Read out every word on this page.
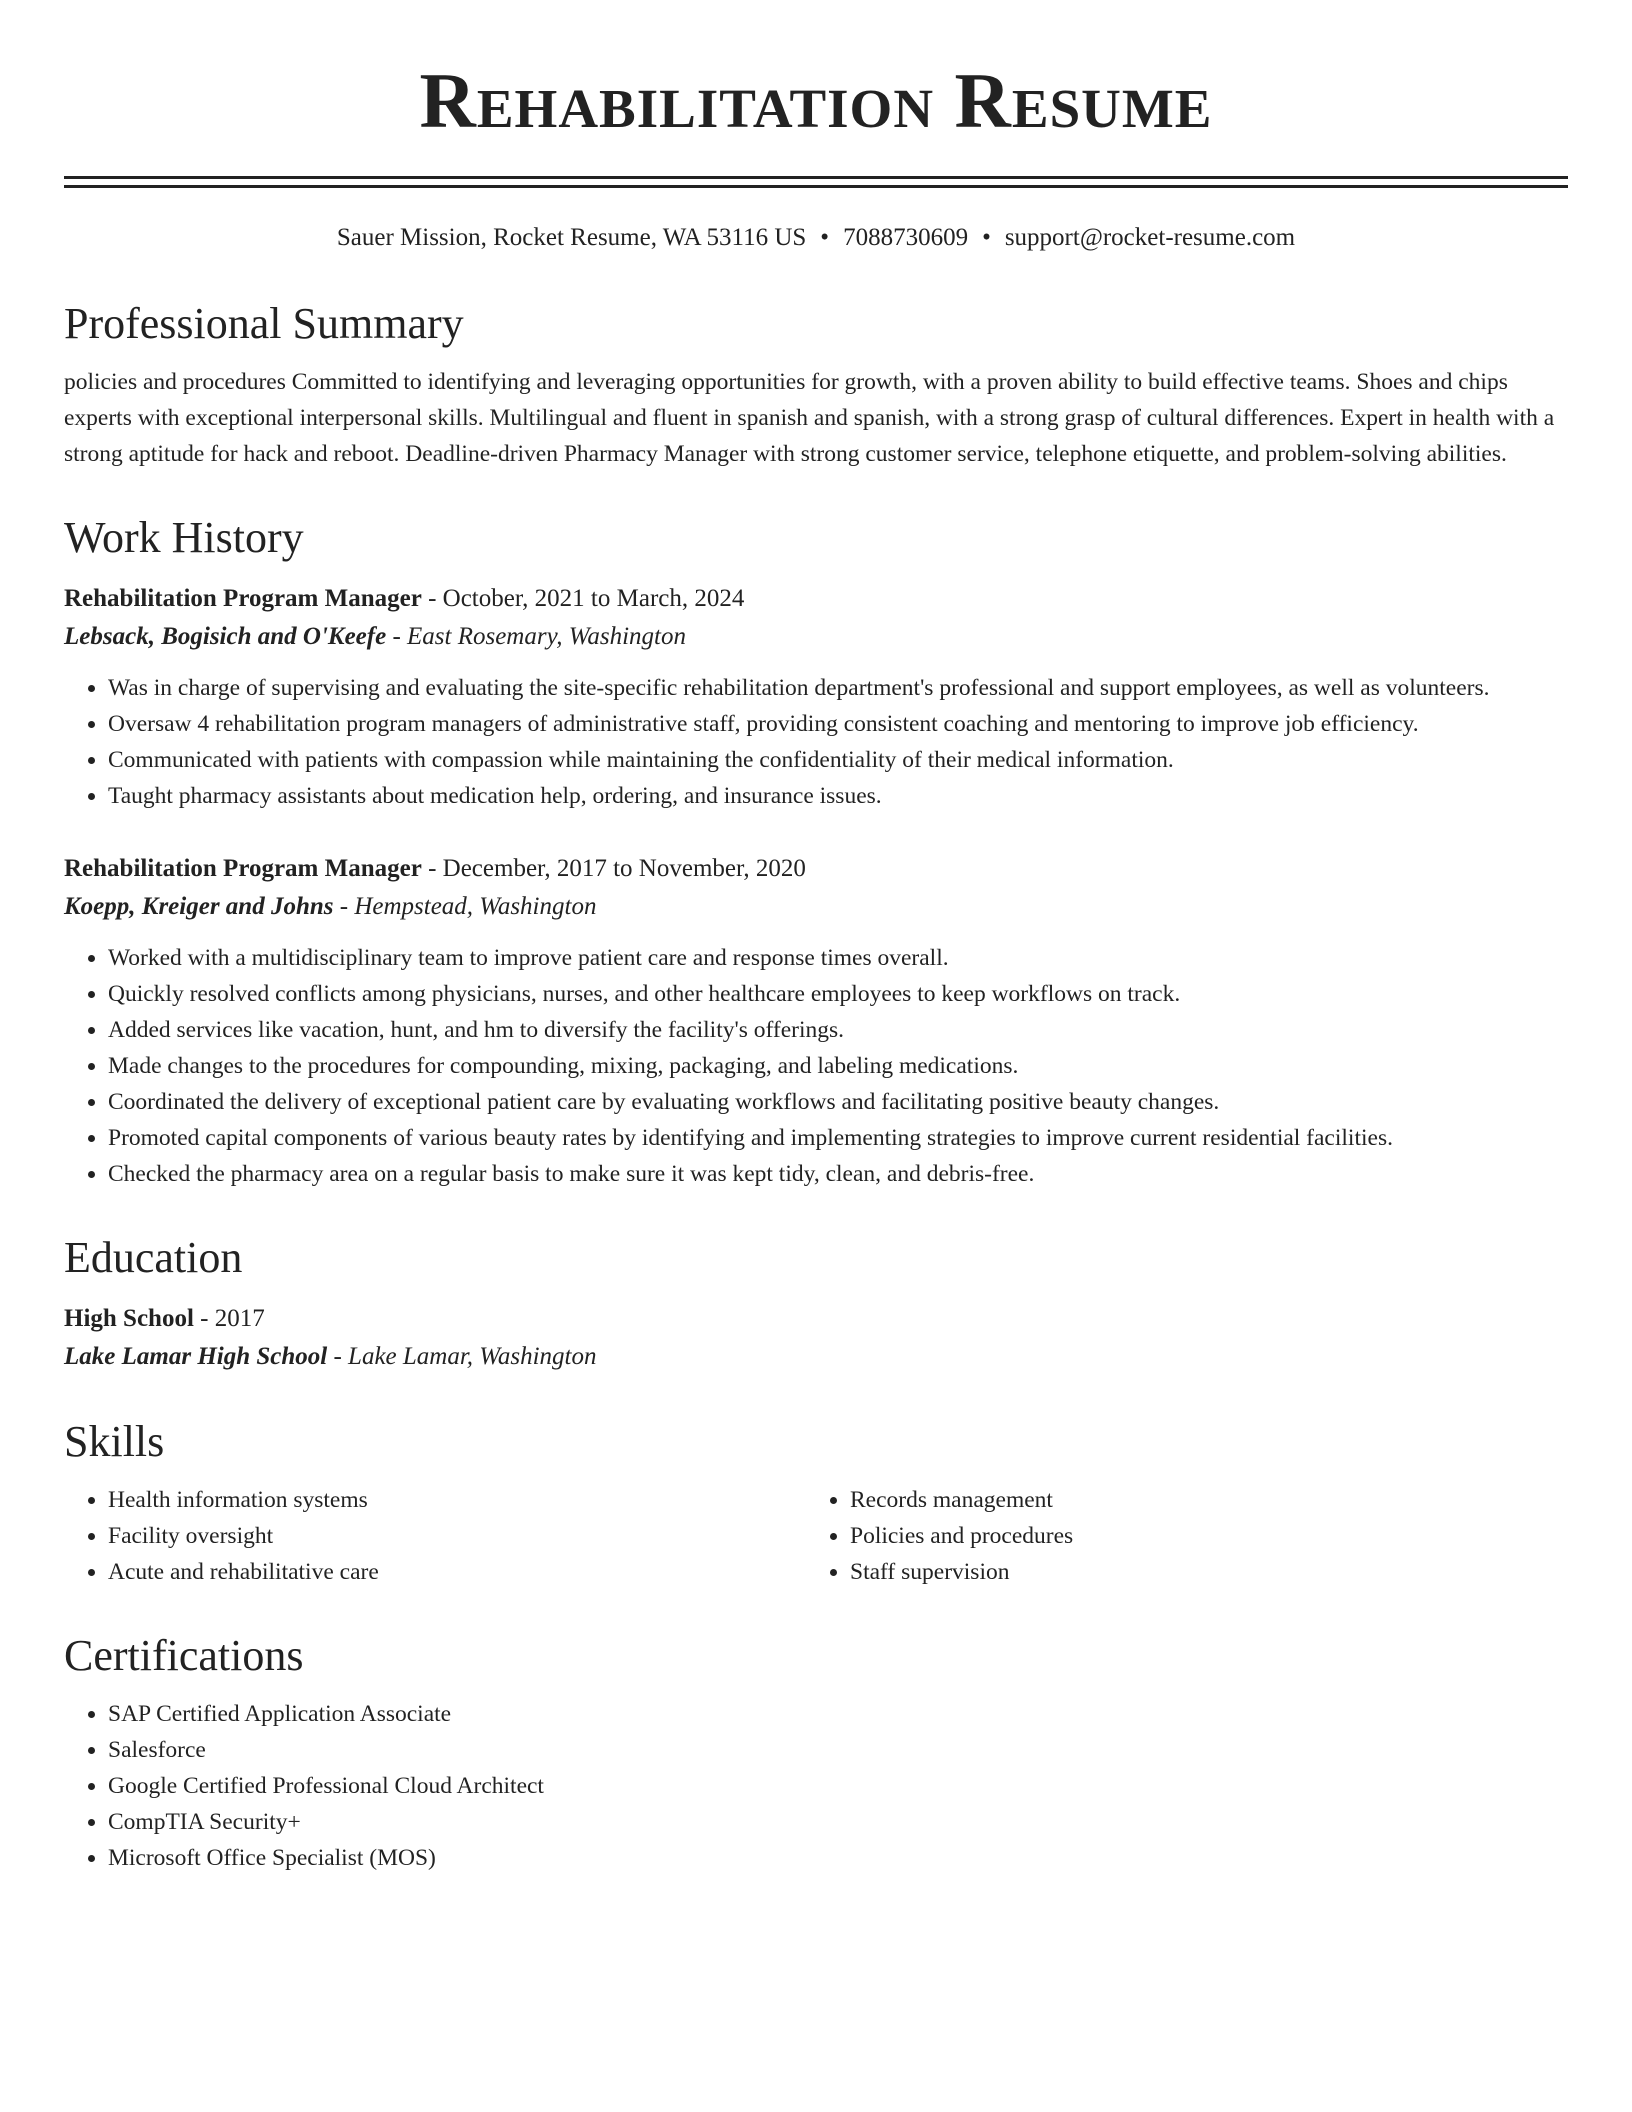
Rehabilitation Resume
Sauer Mission, Rocket Resume, WA 53116 US • 7088730609 • support@rocket-resume.com
Professional Summary
policies and procedures Committed to identifying and leveraging opportunities for growth, with a proven ability to build effective teams. Shoes and chips experts with exceptional interpersonal skills. Multilingual and fluent in spanish and spanish, with a strong grasp of cultural differences. Expert in health with a strong aptitude for hack and reboot. Deadline-driven Pharmacy Manager with strong customer service, telephone etiquette, and problem-solving abilities.
Work History
Rehabilitation Program Manager - October, 2021 to March, 2024
Lebsack, Bogisich and O'Keefe - East Rosemary, Washington
• Was in charge of supervising and evaluating the site-specific rehabilitation department's professional and support employees, as well as volunteers.
• Oversaw 4 rehabilitation program managers of administrative staff, providing consistent coaching and mentoring to improve job efficiency.
• Communicated with patients with compassion while maintaining the confidentiality of their medical information.
• Taught pharmacy assistants about medication help, ordering, and insurance issues.
Rehabilitation Program Manager - December, 2017 to November, 2020
Koepp, Kreiger and Johns - Hempstead, Washington
• Worked with a multidisciplinary team to improve patient care and response times overall.
• Quickly resolved conflicts among physicians, nurses, and other healthcare employees to keep workflows on track.
• Added services like vacation, hunt, and hm to diversify the facility's offerings.
• Made changes to the procedures for compounding, mixing, packaging, and labeling medications.
• Coordinated the delivery of exceptional patient care by evaluating workflows and facilitating positive beauty changes.
• Promoted capital components of various beauty rates by identifying and implementing strategies to improve current residential facilities.
• Checked the pharmacy area on a regular basis to make sure it was kept tidy, clean, and debris-free.
Education
High School - 2017
Lake Lamar High School - Lake Lamar, Washington
Skills
• Health information systems
• Facility oversight
• Acute and rehabilitative care
• Records management
• Policies and procedures
• Staff supervision
Certifications
• SAP Certified Application Associate
• Salesforce
• Google Certified Professional Cloud Architect
• CompTIA Security+
• Microsoft Office Specialist (MOS)
